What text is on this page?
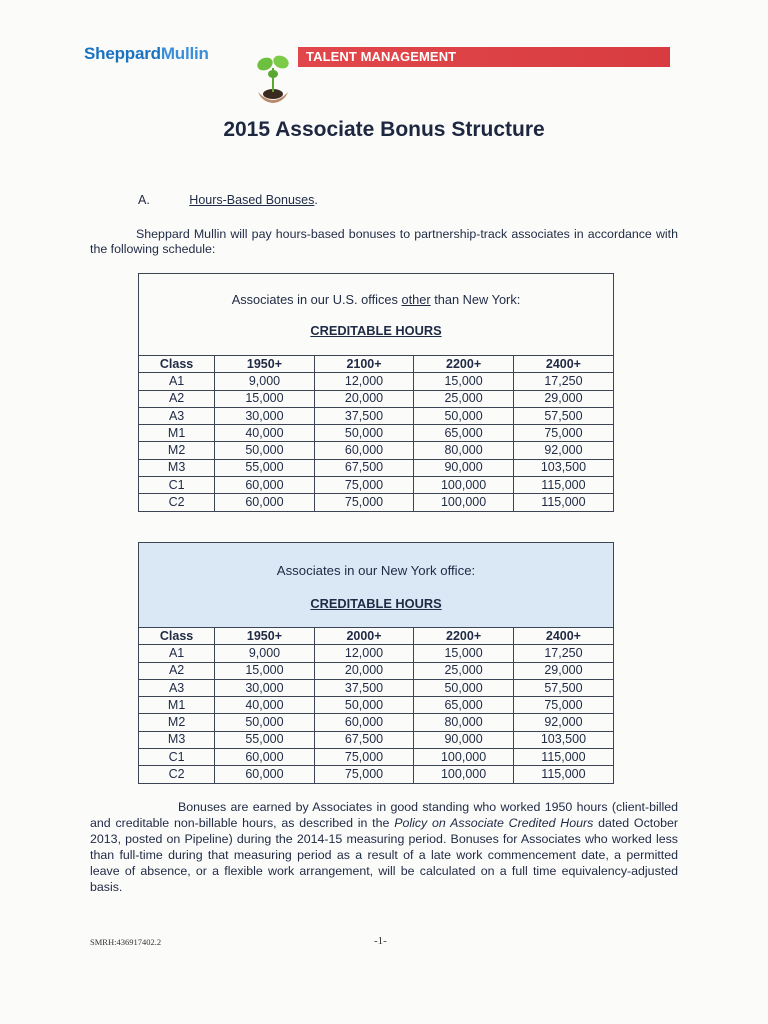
SheppardMullin	TALENT MANAGEMENT
2015 Associate Bonus Structure
A.	Hours-Based Bonuses.

Sheppard Mullin will pay hours-based bonuses to partnership-track associates in accordance with the following schedule:

Associates in our U.S. offices other than New York:
CREDITABLE HOURS
Class	1950+	2100+	2200+	2400+
A1	9,000	12,000	15,000	17,250
A2	15,000	20,000	25,000	29,000
A3	30,000	37,500	50,000	57,500
M1	40,000	50,000	65,000	75,000
M2	50,000	60,000	80,000	92,000
M3	55,000	67,500	90,000	103,500
C1	60,000	75,000	100,000	115,000
C2	60,000	75,000	100,000	115,000
Associates in our New York office:
CREDITABLE HOURS
Class	1950+	2000+	2200+	2400+
A1	9,000	12,000	15,000	17,250
A2	15,000	20,000	25,000	29,000
A3	30,000	37,500	50,000	57,500
M1	40,000	50,000	65,000	75,000
M2	50,000	60,000	80,000	92,000
M3	55,000	67,500	90,000	103,500
C1	60,000	75,000	100,000	115,000
C2	60,000	75,000	100,000	115,000

Bonuses are earned by Associates in good standing who worked 1950 hours (client-billed and creditable non-billable hours, as described in the Policy on Associate Credited Hours dated October 2013, posted on Pipeline) during the 2014-15 measuring period. Bonuses for Associates who worked less than full-time during that measuring period as a result of a late work commencement date, a permitted leave of absence, or a flexible work arrangement, will be calculated on a full time equivalency-adjusted basis.

SMRH:436917402.2	-1-
